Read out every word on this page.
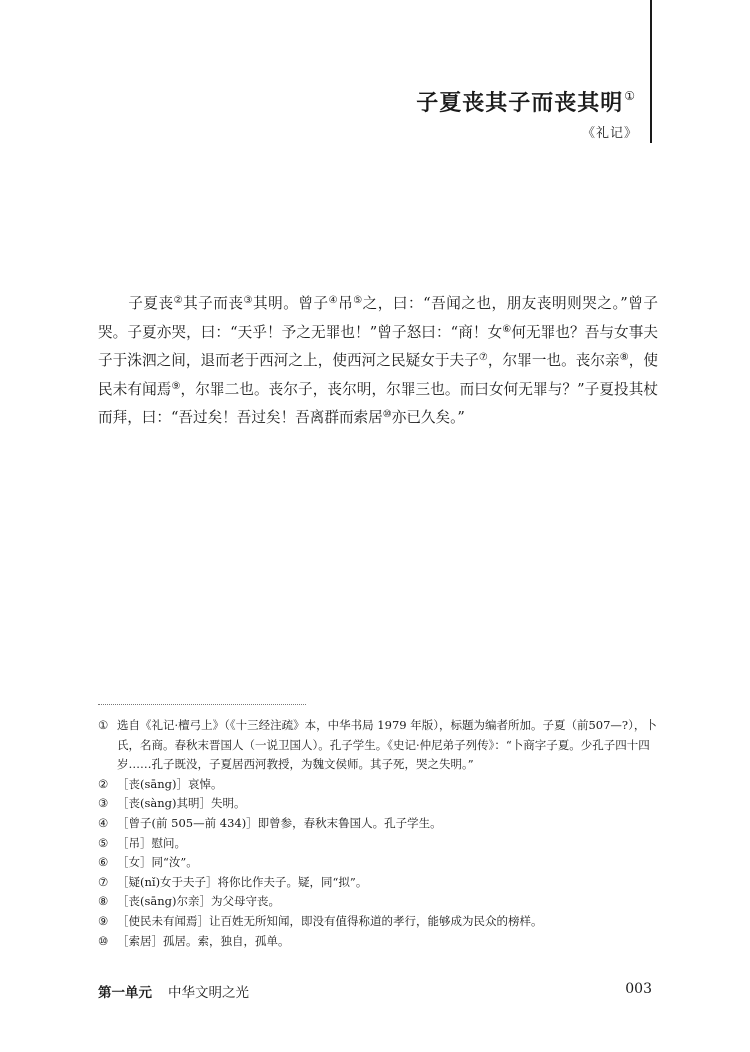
子夏丧其子而丧其明①
《礼记》

　　子夏丧②其子而丧③其明。曾子④吊⑤之，曰：“吾闻之也，朋友丧明则哭之。”曾子哭。子夏亦哭，曰：“天乎！予之无罪也！”曾子怒曰：“商！女⑥何无罪也？吾与女事夫子于洙泗之间，退而老于西河之上，使西河之民疑女于夫子⑦，尔罪一也。丧尔亲⑧，使民未有闻焉⑨，尔罪二也。丧尔子，丧尔明，尔罪三也。而曰女何无罪与？”子夏投其杖而拜，曰：“吾过矣！吾过矣！吾离群而索居⑩亦已久矣。”

① 选自《礼记·檀弓上》（《十三经注疏》本，中华书局 1979 年版），标题为编者所加。子夏（前507—?），卜氏，名商。春秋末晋国人（一说卫国人）。孔子学生。《史记·仲尼弟子列传》：“卜商字子夏。少孔子四十四岁……孔子既没，子夏居西河教授，为魏文侯师。其子死，哭之失明。”
② ［丧(sāng)］哀悼。
③ ［丧(sàng)其明］失明。
④ ［曾子(前 505—前 434)］即曾参，春秋末鲁国人。孔子学生。
⑤ ［吊］慰问。
⑥ ［女］同“汝”。
⑦ ［疑(nǐ)女于夫子］将你比作夫子。疑，同“拟”。
⑧ ［丧(sāng)尔亲］为父母守丧。
⑨ ［使民未有闻焉］让百姓无所知闻，即没有值得称道的孝行，能够成为民众的榜样。
⑩ ［索居］孤居。索，独自，孤单。
第一单元 中华文明之光	003
